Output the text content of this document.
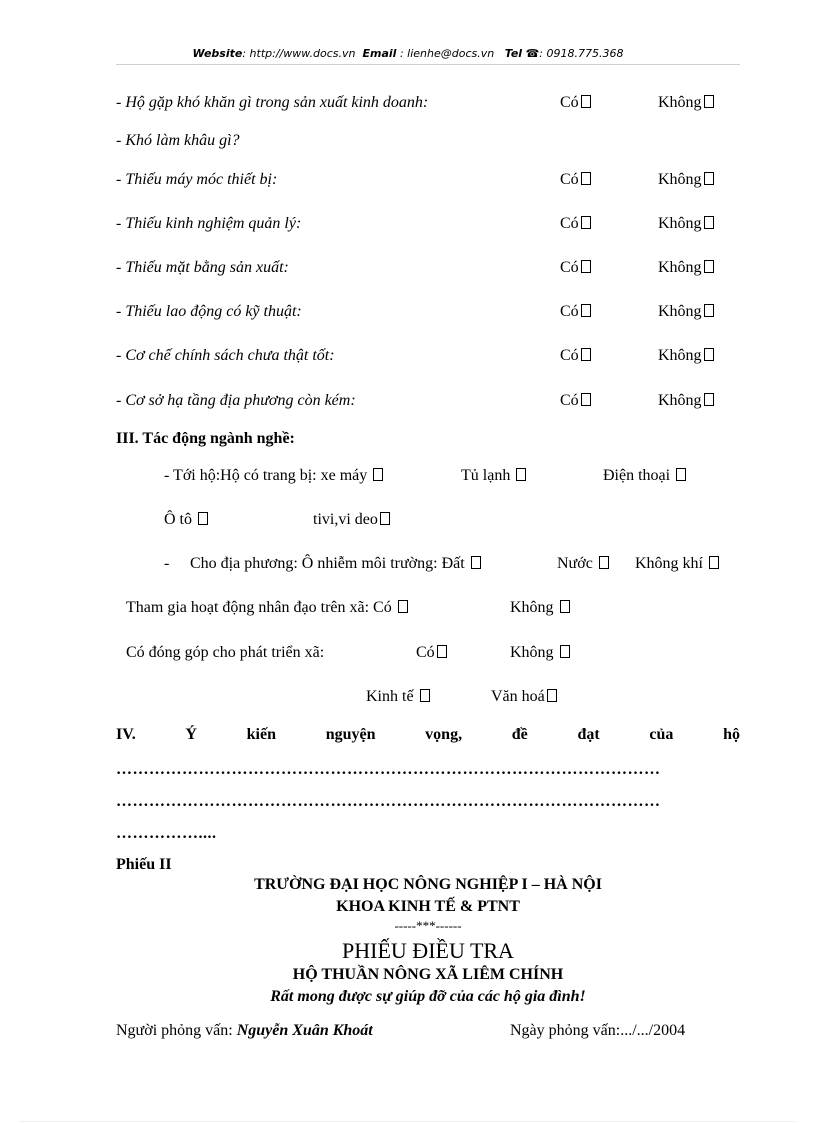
Website: http://www.docs.vn Email : lienhe@docs.vn Tel ☎: 0918.775.368
- Hộ gặp khó khăn gì trong sản xuất kinh doanh:	Có	Không
- Khó làm khâu gì?
- Thiếu máy móc thiết bị:	Có	Không
- Thiếu kinh nghiệm quản lý:	Có	Không
- Thiếu mặt bằng sản xuất:	Có	Không
- Thiếu lao động có kỹ thuật:	Có	Không
- Cơ chế chính sách chưa thật tốt:	Có	Không
- Cơ sở hạ tầng địa phương còn kém:	Có	Không
III. Tác động ngành nghề:
- Tới hộ:Hộ có trang bị: xe máy	Tủ lạnh	Điện thoại
Ô tô	tivi,vi deo
- Cho địa phương: Ô nhiễm môi trường: Đất	Nước	Không khí
Tham gia hoạt động nhân đạo trên xã: Có	Không
Có đóng góp cho phát triển xã:	Có	Không
Kinh tế	Văn hoá
IV.	Ý	kiến	nguyện	vọng,	đề	đạt	của	hộ
………………………………………………………………………………………
………………………………………………………………………………………
……………....
Phiếu II
TRƯỜNG ĐẠI HỌC NÔNG NGHIỆP I – HÀ NỘI
KHOA KINH TẾ & PTNT
-----***------
PHIẾU ĐIỀU TRA
HỘ THUẦN NÔNG XÃ LIÊM CHÍNH
Rất mong được sự giúp đỡ của các hộ gia đình!
Người phỏng vấn: Nguyễn Xuân Khoát	Ngày phỏng vấn:.../.../2004
